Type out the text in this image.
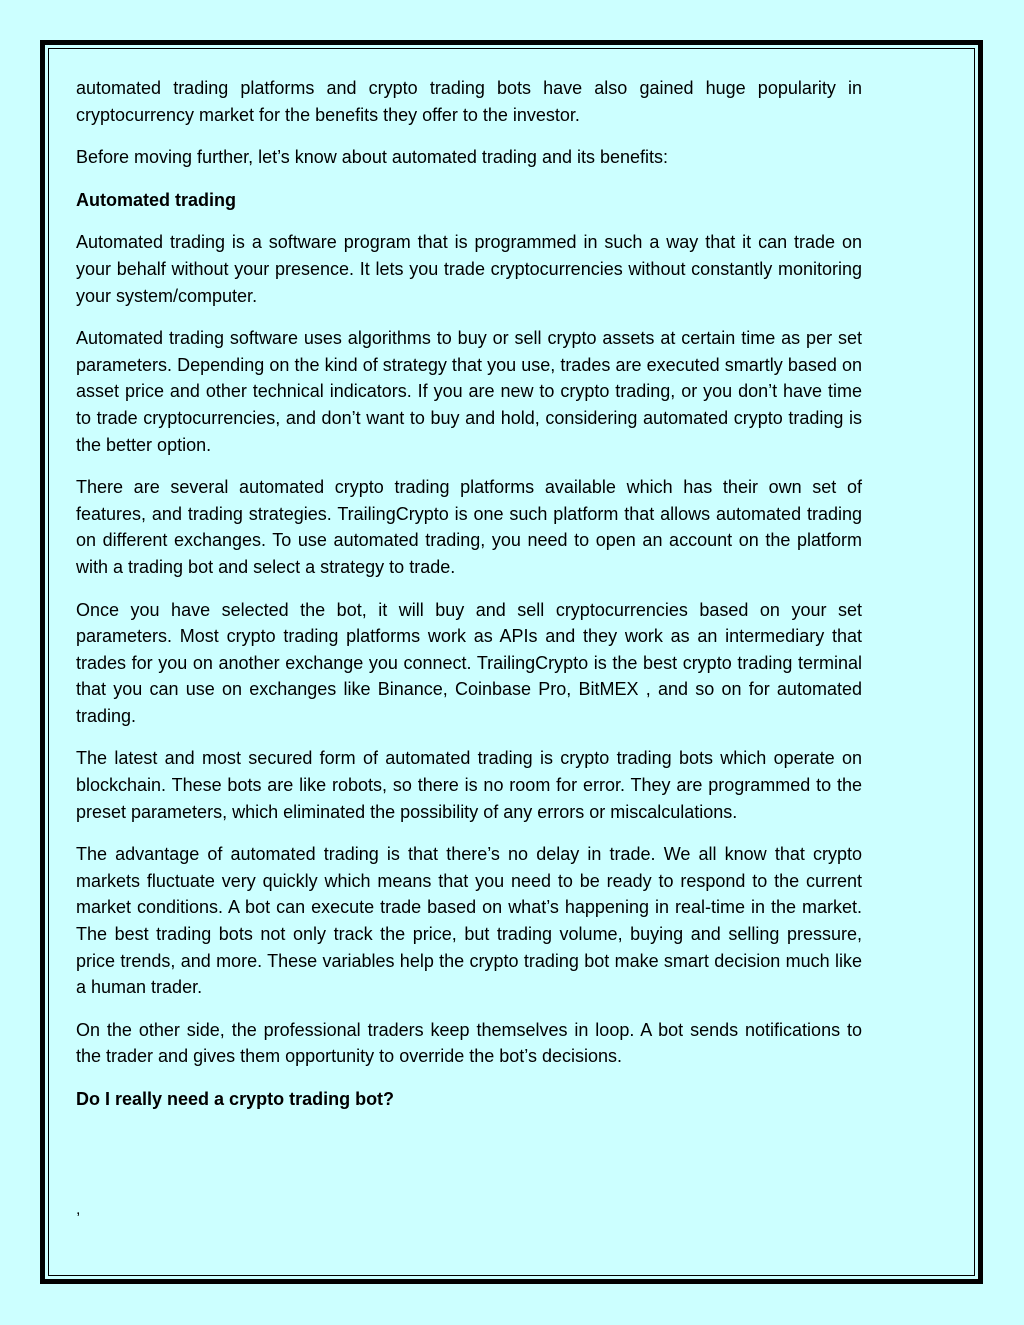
automated trading platforms and crypto trading bots have also gained huge popularity in cryptocurrency market for the benefits they offer to the investor.

Before moving further, let’s know about automated trading and its benefits:

Automated trading

Automated trading is a software program that is programmed in such a way that it can trade on your behalf without your presence. It lets you trade cryptocurrencies without constantly monitoring your system/computer.

Automated trading software uses algorithms to buy or sell crypto assets at certain time as per set parameters. Depending on the kind of strategy that you use, trades are executed smartly based on asset price and other technical indicators. If you are new to crypto trading, or you don’t have time to trade cryptocurrencies, and don’t want to buy and hold, considering automated crypto trading is the better option.

There are several automated crypto trading platforms available which has their own set of features, and trading strategies. TrailingCrypto is one such platform that allows automated trading on different exchanges. To use automated trading, you need to open an account on the platform with a trading bot and select a strategy to trade.

Once you have selected the bot, it will buy and sell cryptocurrencies based on your set parameters. Most crypto trading platforms work as APIs and they work as an intermediary that trades for you on another exchange you connect. TrailingCrypto is the best crypto trading terminal that you can use on exchanges like Binance, Coinbase Pro, BitMEX , and so on for automated trading.

The latest and most secured form of automated trading is crypto trading bots which operate on blockchain. These bots are like robots, so there is no room for error. They are programmed to the preset parameters, which eliminated the possibility of any errors or miscalculations.

The advantage of automated trading is that there’s no delay in trade. We all know that crypto markets fluctuate very quickly which means that you need to be ready to respond to the current market conditions. A bot can execute trade based on what’s happening in real-time in the market. The best trading bots not only track the price, but trading volume, buying and selling pressure, price trends, and more. These variables help the crypto trading bot make smart decision much like a human trader.

On the other side, the professional traders keep themselves in loop. A bot sends notifications to the trader and gives them opportunity to override the bot’s decisions.

Do I really need a crypto trading bot?

,
